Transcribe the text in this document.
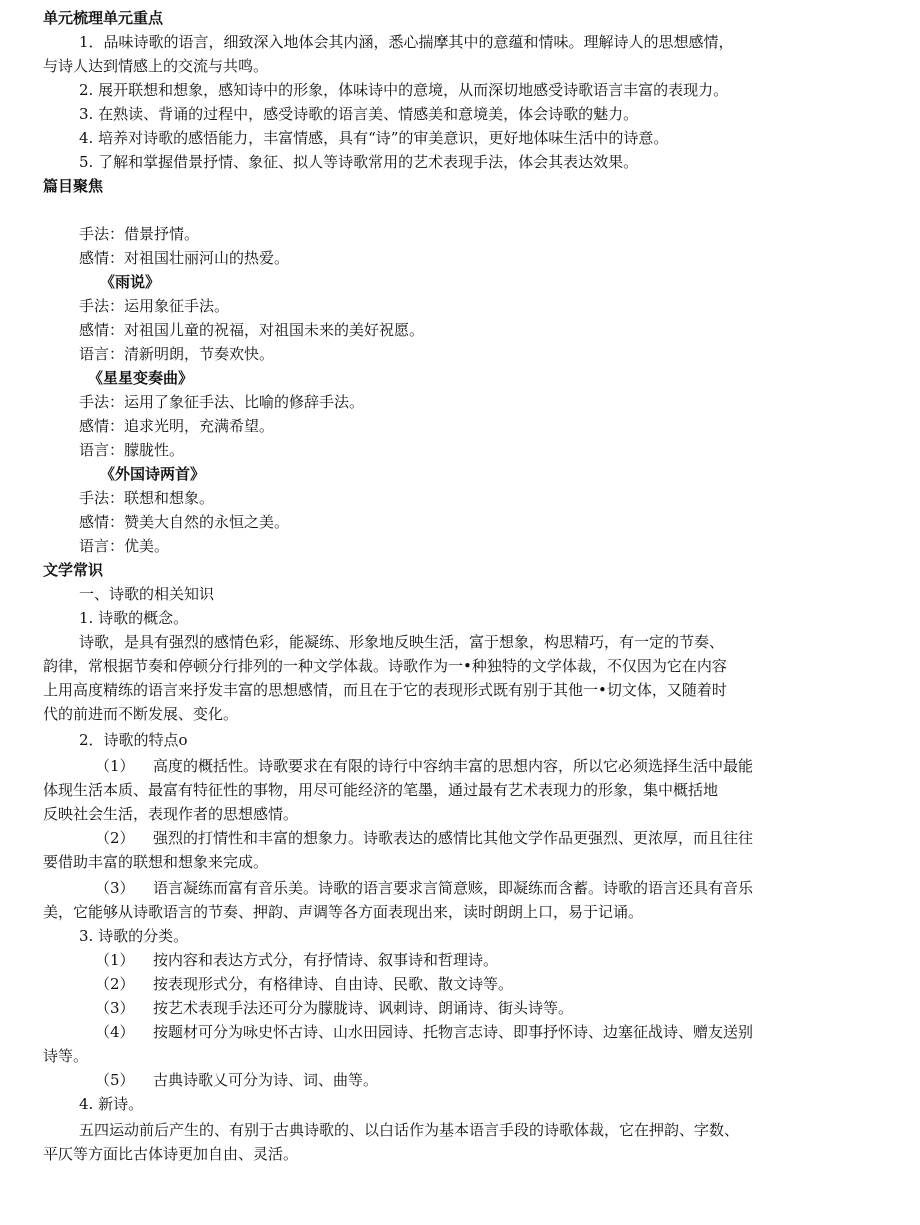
单元梳理单元重点
1．品味诗歌的语言，细致深入地体会其内涵，悉心揣摩其中的意蕴和情味。理解诗人的思想感情，
与诗人达到情感上的交流与共鸣。
2. 展开联想和想象，感知诗中的形象，体味诗中的意境，从而深切地感受诗歌语言丰富的表现力。
3. 在熟读、背诵的过程中，感受诗歌的语言美、情感美和意境美，体会诗歌的魅力。
4. 培养对诗歌的感悟能力，丰富情感，具有“诗”的审美意识，更好地体味生活中的诗意。
5. 了解和掌握借景抒情、象征、拟人等诗歌常用的艺术表现手法，体会其表达效果。
篇目聚焦
手法：借景抒情。
感情：对祖国壮丽河山的热爱。
《雨说》
手法：运用象征手法。
感情：对祖国儿童的祝福，对祖国未来的美好祝愿。
语言：清新明朗，节奏欢快。
《星星变奏曲》
手法：运用了象征手法、比喻的修辞手法。
感情：追求光明，充满希望。
语言：朦胧性。
《外国诗两首》
手法：联想和想象。
感情：赞美大自然的永恒之美。
语言：优美。
文学常识
一、诗歌的相关知识
1. 诗歌的概念。
诗歌，是具有强烈的感情色彩，能凝练、形象地反映生活，富于想象，构思精巧，有一定的节奏、
韵律，常根据节奏和停顿分行排列的一种文学体裁。诗歌作为一•种独特的文学体裁，不仅因为它在内容
上用高度精练的语言来抒发丰富的思想感情，而且在于它的表现形式既有别于其他一•切文体，又随着时
代的前进而不断发展、变化。
2．诗歌的特点o
（1） 高度的概括性。诗歌要求在有限的诗行中容纳丰富的思想内容，所以它必须选择生活中最能
体现生活本质、最富有特征性的事物，用尽可能经济的笔墨，通过最有艺术表现力的形象，集中概括地
反映社会生活，表现作者的思想感情。
（2） 强烈的打情性和丰富的想象力。诗歌表达的感情比其他文学作品更强烈、更浓厚，而且往往
要借助丰富的联想和想象来完成。
（3） 语言凝练而富有音乐美。诗歌的语言要求言简意赅，即凝练而含蓄。诗歌的语言还具有音乐
美，它能够从诗歌语言的节奏、押韵、声调等各方面表现出来，读时朗朗上口，易于记诵。
3. 诗歌的分类。
（1） 按内容和表达方式分，有抒情诗、叙事诗和哲理诗。
（2） 按表现形式分，有格律诗、自由诗、民歌、散文诗等。
（3） 按艺术表现手法还可分为朦胧诗、讽刺诗、朗诵诗、街头诗等。
（4） 按题材可分为咏史怀古诗、山水田园诗、托物言志诗、即事抒怀诗、边塞征战诗、赠友送别
诗等。
（5） 古典诗歌乂可分为诗、词、曲等。
4. 新诗。
五四运动前后产生的、有别于古典诗歌的、以白话作为基本语言手段的诗歌体裁，它在押韵、字数、
平仄等方面比古体诗更加自由、灵活。
